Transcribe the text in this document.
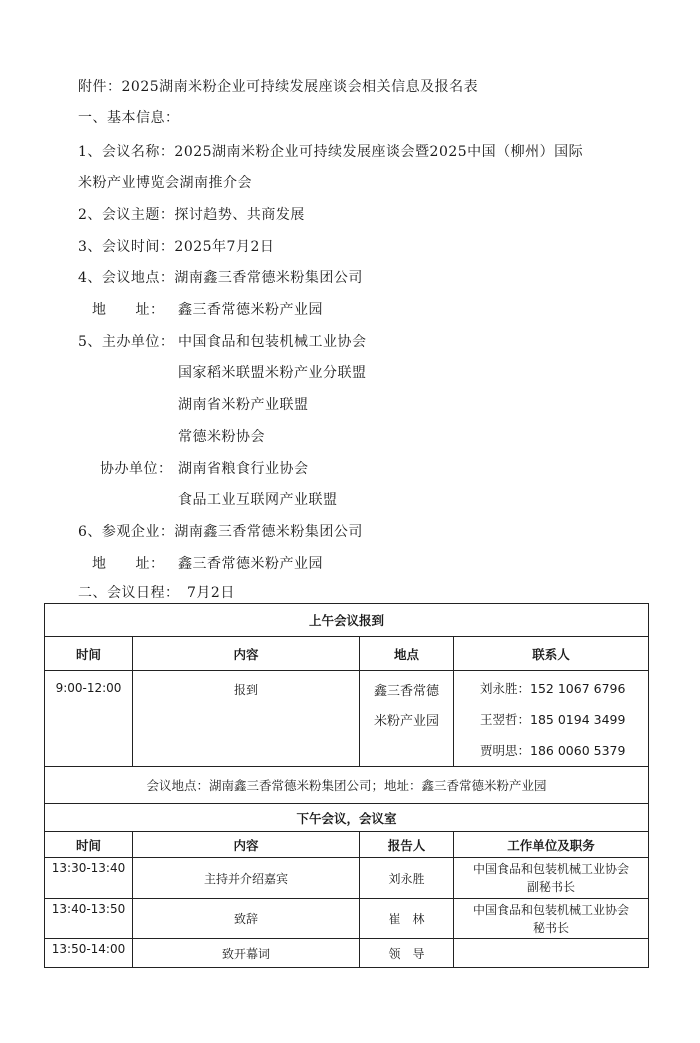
附件：2025湖南米粉企业可持续发展座谈会相关信息及报名表
一、基本信息：
1、会议名称：2025湖南米粉企业可持续发展座谈会暨2025中国（柳州）国际
米粉产业博览会湖南推介会
2、会议主题：探讨趋势、共商发展
3、会议时间：2025年7月2日
4、会议地点：湖南鑫三香常德米粉集团公司
地　　址： 鑫三香常德米粉产业园
5、主办单位： 中国食品和包装机械工业协会
国家稻米联盟米粉产业分联盟
湖南省米粉产业联盟
常德米粉协会
协办单位： 湖南省粮食行业协会
食品工业互联网产业联盟
6、参观企业：湖南鑫三香常德米粉集团公司
地　　址： 鑫三香常德米粉产业园
二、会议日程：　7月2日
上午会议报到			
时间	内容	地点	联系人
9:00-12:00	报到	鑫三香常德
米粉产业园	刘永胜：152 1067 6796
王翌哲：185 0194 3499
贾明思：186 0060 5379

会议地点：湖南鑫三香常德米粉集团公司；地址：鑫三香常德米粉产业园			
下午会议，会议室			
时间	内容	报告人	工作单位及职务
13:30-13:40	主持并介绍嘉宾	刘永胜	中国食品和包装机械工业协会
副秘书长

13:40-13:50	致辞	崔　林	中国食品和包装机械工业协会
秘书长

13:50-14:00	致开幕词	领　导	
